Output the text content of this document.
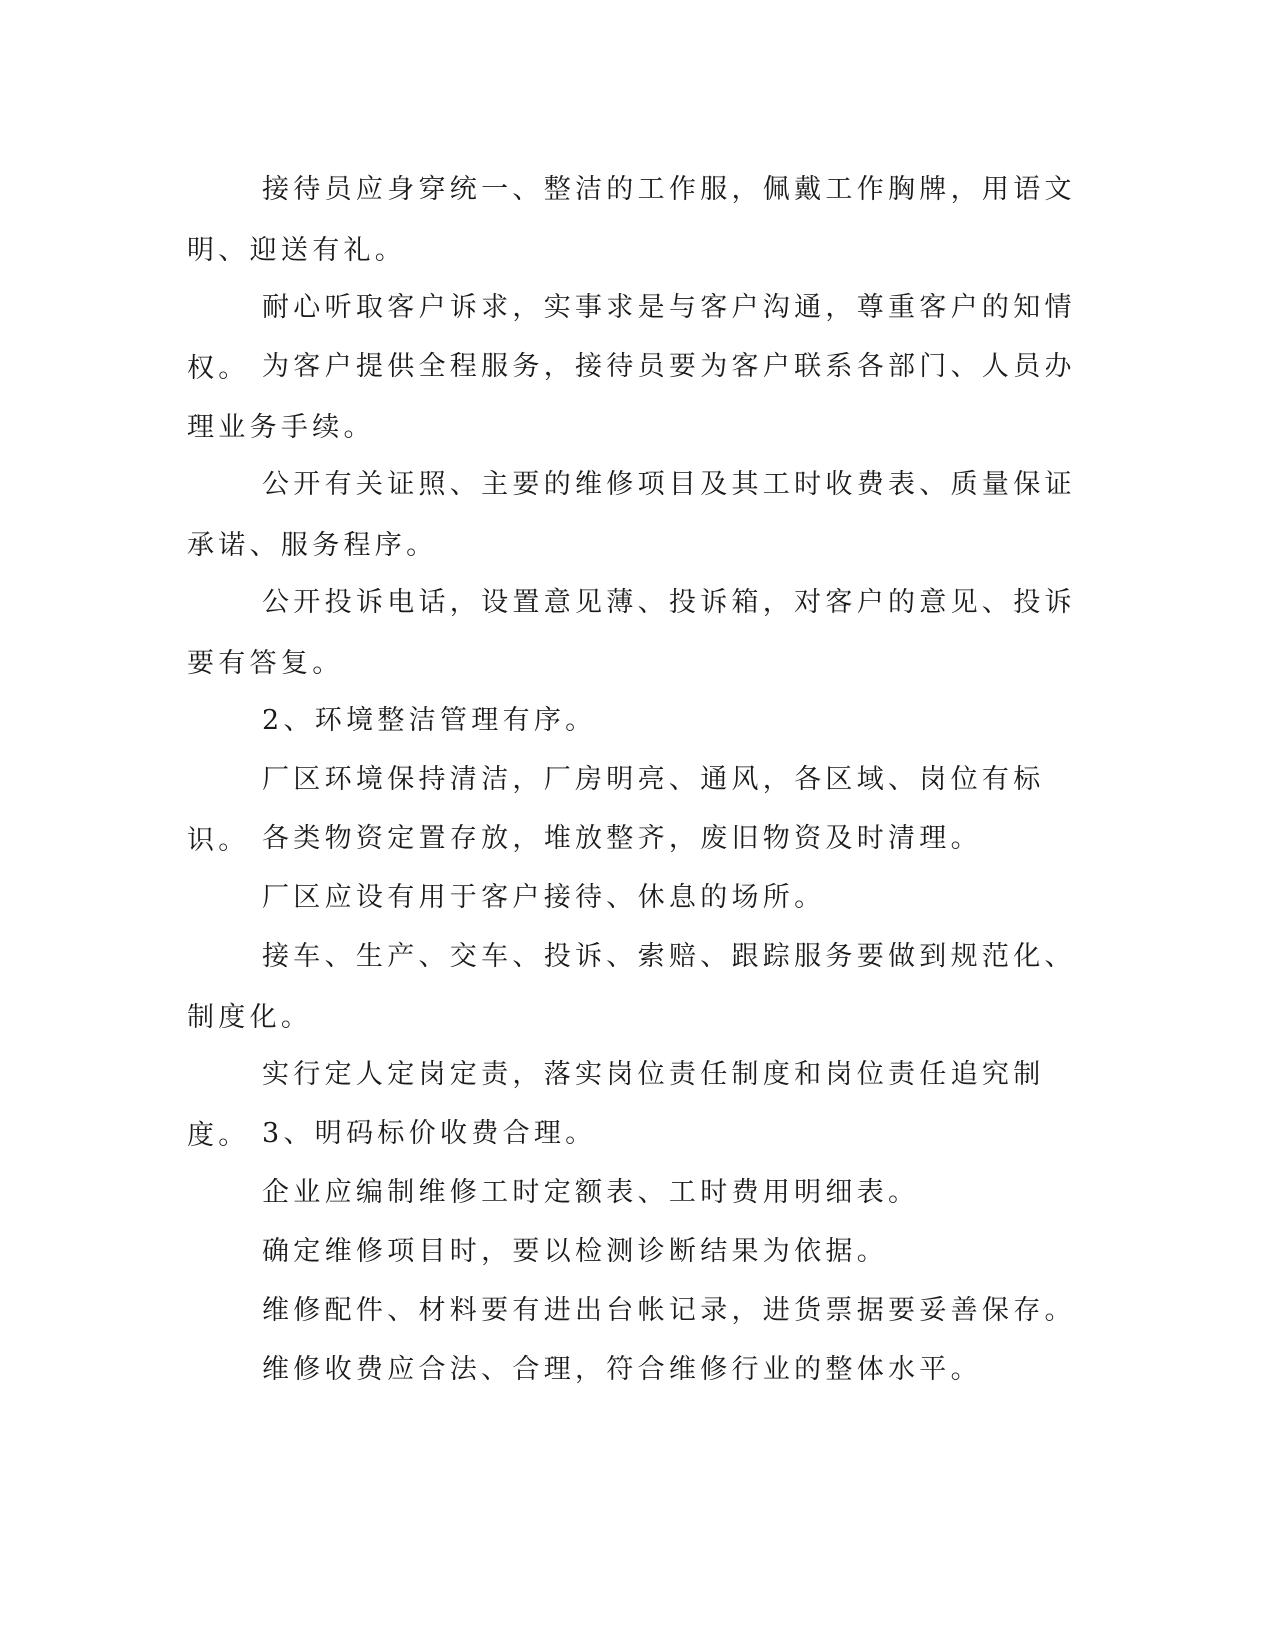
接待员应身穿统一、整洁的工作服，佩戴工作胸牌，用语文明、迎送有礼。

耐心听取客户诉求，实事求是与客户沟通，尊重客户的知情权。 为客户提供全程服务，接待员要为客户联系各部门、人员办理业务手续。

公开有关证照、主要的维修项目及其工时收费表、质量保证承诺、服务程序。

公开投诉电话，设置意见薄、投诉箱，对客户的意见、投诉要有答复。

2、环境整洁管理有序。

厂区环境保持清洁，厂房明亮、通风，各区域、岗位有标识。 各类物资定置存放，堆放整齐，废旧物资及时清理。

厂区应设有用于客户接待、休息的场所。

接车、生产、交车、投诉、索赔、跟踪服务要做到规范化、制度化。

实行定人定岗定责，落实岗位责任制度和岗位责任追究制度。 3、明码标价收费合理。

企业应编制维修工时定额表、工时费用明细表。

确定维修项目时，要以检测诊断结果为依据。

维修配件、材料要有进出台帐记录，进货票据要妥善保存。

维修收费应合法、合理，符合维修行业的整体水平。
